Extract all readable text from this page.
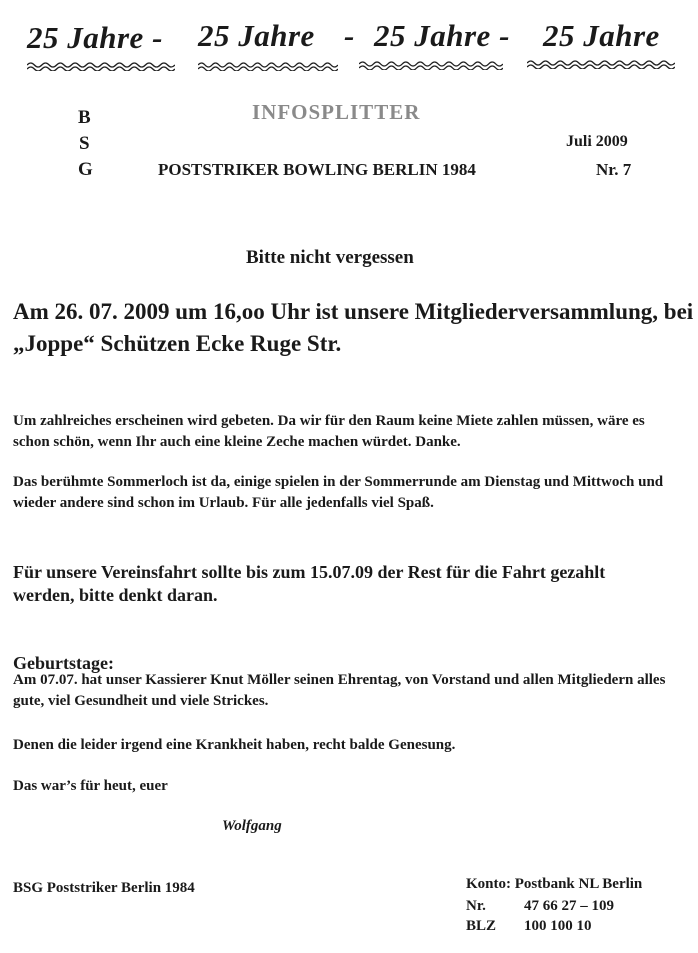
25 Jahre - 25 Jahre - 25 Jahre - 25 Jahre
B
S
G
INFOSPLITTER
Juli 2009
POSTSTRIKER BOWLING BERLIN 1984	Nr. 7
Bitte nicht vergessen
Am 26. 07. 2009 um 16,oo Uhr ist unsere Mitgliederversammlung, bei „Joppe“ Schützen Ecke Ruge Str.
Um zahlreiches erscheinen wird gebeten. Da wir für den Raum keine Miete zahlen müssen, wäre es schon schön, wenn Ihr auch eine kleine Zeche machen würdet. Danke.
Das berühmte Sommerloch ist da, einige spielen in der Sommerrunde am Dienstag und Mittwoch und wieder andere sind schon im Urlaub. Für alle jedenfalls viel Spaß.
Für unsere Vereinsfahrt sollte bis zum 15.07.09 der Rest für die Fahrt gezahlt werden, bitte denkt daran.
Geburtstage:
Am 07.07. hat unser Kassierer Knut Möller seinen Ehrentag, von Vorstand und allen Mitgliedern alles gute, viel Gesundheit und viele Strickes.
Denen die leider irgend eine Krankheit haben, recht balde Genesung.
Das war’s für heut, euer
Wolfgang
BSG Poststriker Berlin 1984	Konto: Postbank NL Berlin
Nr.	47 66 27 – 109
BLZ 100 100 10
